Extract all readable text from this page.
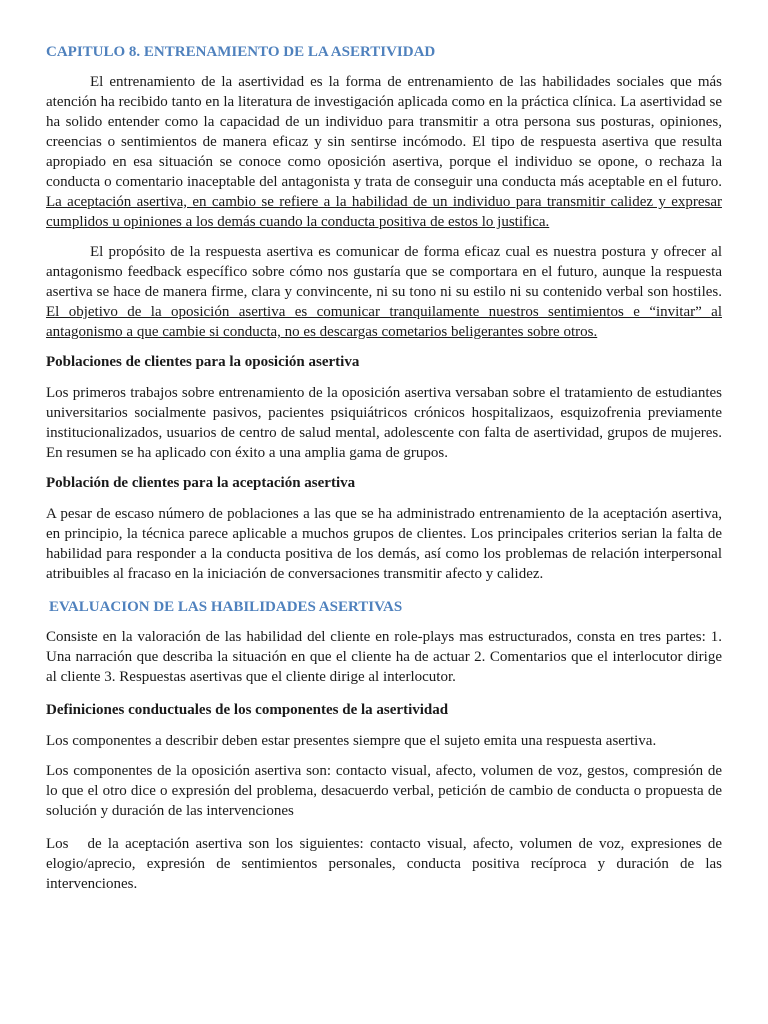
CAPITULO 8. ENTRENAMIENTO DE LA ASERTIVIDAD

El entrenamiento de la asertividad es la forma de entrenamiento de las habilidades sociales que más atención ha recibido tanto en la literatura de investigación aplicada como en la práctica clínica. La asertividad se ha solido entender como la capacidad de un individuo para transmitir a otra persona sus posturas, opiniones, creencias o sentimientos de manera eficaz y sin sentirse incómodo. El tipo de respuesta asertiva que resulta apropiado en esa situación se conoce como oposición asertiva, porque el individuo se opone, o rechaza la conducta o comentario inaceptable del antagonista y trata de conseguir una conducta más aceptable en el futuro. La aceptación asertiva, en cambio se refiere a la habilidad de un individuo para transmitir calidez y expresar cumplidos u opiniones a los demás cuando la conducta positiva de estos lo justifica.

El propósito de la respuesta asertiva es comunicar de forma eficaz cual es nuestra postura y ofrecer al antagonismo feedback específico sobre cómo nos gustaría que se comportara en el futuro, aunque la respuesta asertiva se hace de manera firme, clara y convincente, ni su tono ni su estilo ni su contenido verbal son hostiles. El objetivo de la oposición asertiva es comunicar tranquilamente nuestros sentimientos e “invitar” al antagonismo a que cambie si conducta, no es descargas cometarios beligerantes sobre otros.

Poblaciones de clientes para la oposición asertiva

Los primeros trabajos sobre entrenamiento de la oposición asertiva versaban sobre el tratamiento de estudiantes universitarios socialmente pasivos, pacientes psiquiátricos crónicos hospitalizaos, esquizofrenia previamente institucionalizados, usuarios de centro de salud mental, adolescente con falta de asertividad, grupos de mujeres. En resumen se ha aplicado con éxito a una amplia gama de grupos.

Población de clientes para la aceptación asertiva

A pesar de escaso número de poblaciones a las que se ha administrado entrenamiento de la aceptación asertiva, en principio, la técnica parece aplicable a muchos grupos de clientes. Los principales criterios serian la falta de habilidad para responder a la conducta positiva de los demás, así como los problemas de relación interpersonal atribuibles al fracaso en la iniciación de conversaciones transmitir afecto y calidez.

EVALUACION DE LAS HABILIDADES ASERTIVAS

Consiste en la valoración de las habilidad del cliente en role-plays mas estructurados, consta en tres partes: 1. Una narración que describa la situación en que el cliente ha de actuar 2. Comentarios que el interlocutor dirige al cliente 3. Respuestas asertivas que el cliente dirige al interlocutor.

Definiciones conductuales de los componentes de la asertividad

Los componentes a describir deben estar presentes siempre que el sujeto emita una respuesta asertiva.

Los componentes de la oposición asertiva son: contacto visual, afecto, volumen de voz, gestos, compresión de lo que el otro dice o expresión del problema, desacuerdo verbal, petición de cambio de conducta o propuesta de solución y duración de las intervenciones

Los   de la aceptación asertiva son los siguientes: contacto visual, afecto, volumen de voz, expresiones de elogio/aprecio, expresión de sentimientos personales, conducta positiva recíproca y duración de las intervenciones.
